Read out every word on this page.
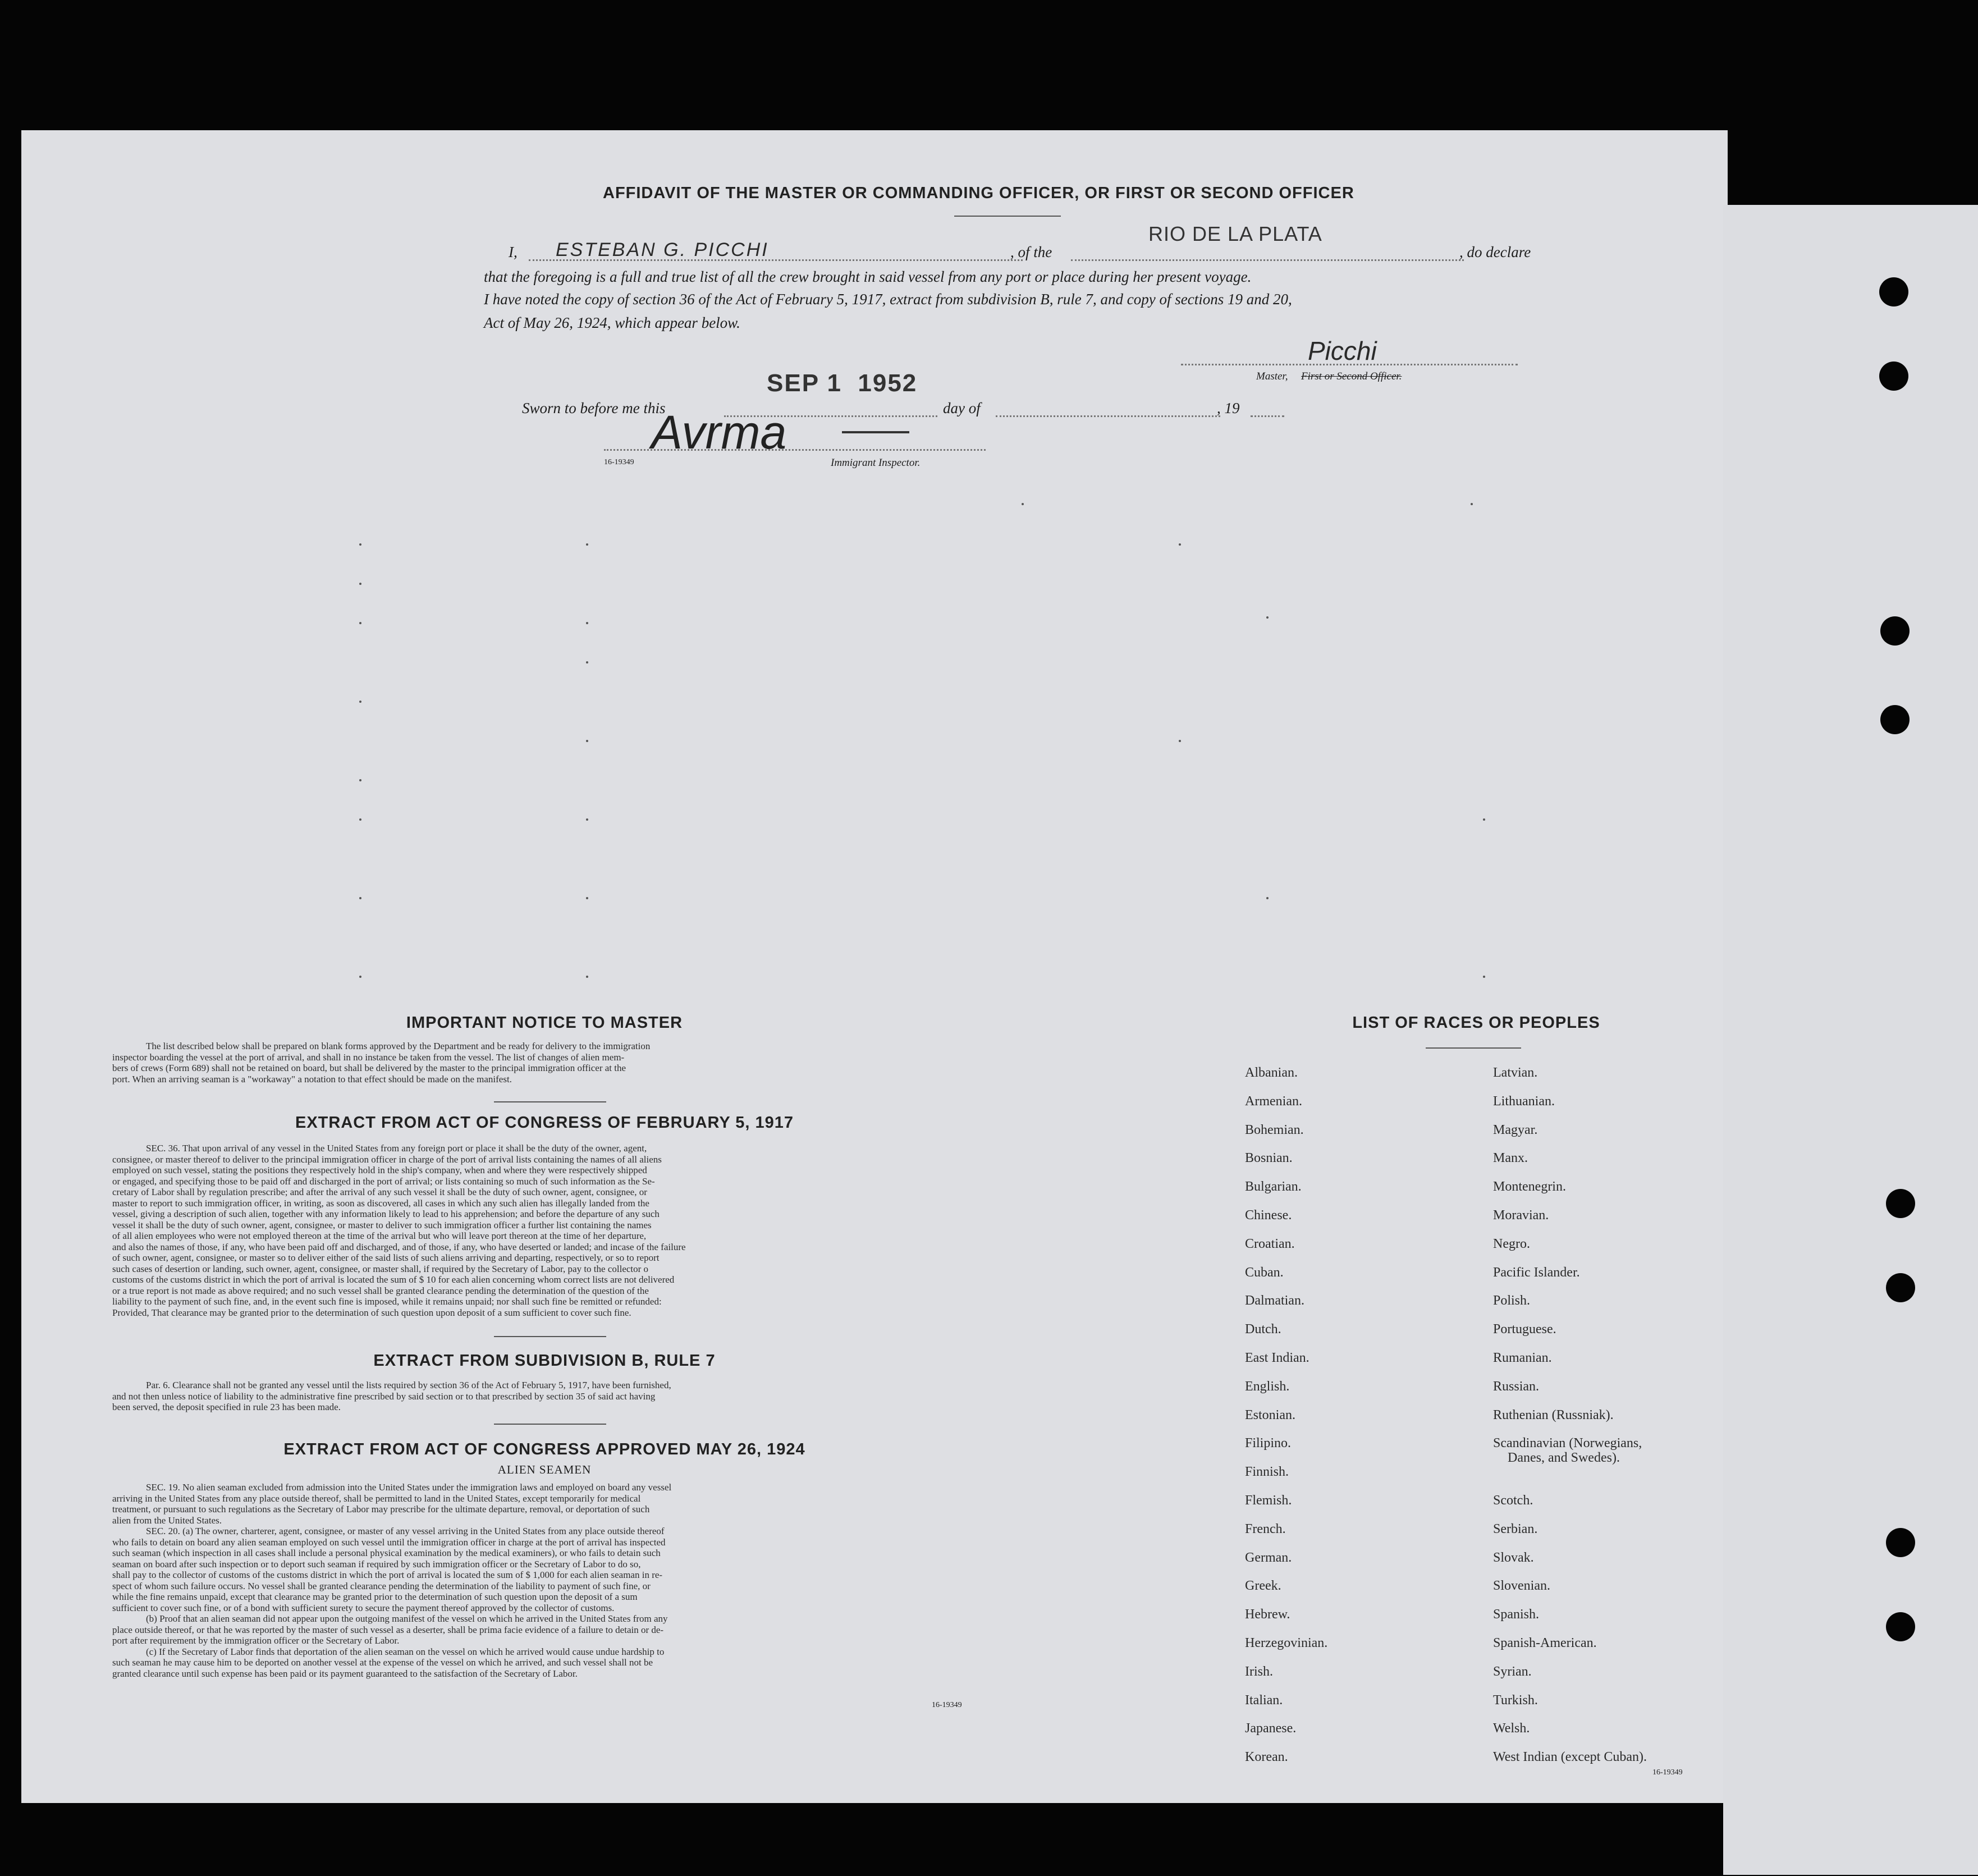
AFFIDAVIT OF THE MASTER OR COMMANDING OFFICER, OR FIRST OR SECOND OFFICER
I, ESTEBAN G. PICCHI	, of the
RIO DE LA PLATA
, do declare
that the foregoing is a full and true list of all the crew brought in said vessel from any port or place during her present voyage.
I have noted the copy of section 36 of the Act of February 5, 1917, extract from subdivision B, rule 7, and copy of sections 19 and 20,
Act of May 26, 1924, which appear below.
Picchi
Master, First or Second Officer.
Sworn to before me this
SEP 1  1952
day of	, 19
Avrma
16-19349	Immigrant Inspector.
IMPORTANT NOTICE TO MASTER
The list described below shall be prepared on blank forms approved by the Department and be ready for delivery to the immigration
inspector boarding the vessel at the port of arrival, and shall in no instance be taken from the vessel. The list of changes of alien mem-
bers of crews (Form 689) shall not be retained on board, but shall be delivered by the master to the principal immigration officer at the
port. When an arriving seaman is a "workaway" a notation to that effect should be made on the manifest.
EXTRACT FROM ACT OF CONGRESS OF FEBRUARY 5, 1917
SEC. 36. That upon arrival of any vessel in the United States from any foreign port or place it shall be the duty of the owner, agent,
consignee, or master thereof to deliver to the principal immigration officer in charge of the port of arrival lists containing the names of all aliens
employed on such vessel, stating the positions they respectively hold in the ship's company, when and where they were respectively shipped
or engaged, and specifying those to be paid off and discharged in the port of arrival; or lists containing so much of such information as the Se-
cretary of Labor shall by regulation prescribe; and after the arrival of any such vessel it shall be the duty of such owner, agent, consignee, or
master to report to such immigration officer, in writing, as soon as discovered, all cases in which any such alien has illegally landed from the
vessel, giving a description of such alien, together with any information likely to lead to his apprehension; and before the departure of any such
vessel it shall be the duty of such owner, agent, consignee, or master to deliver to such immigration officer a further list containing the names
of all alien employees who were not employed thereon at the time of the arrival but who will leave port thereon at the time of her departure,
and also the names of those, if any, who have been paid off and discharged, and of those, if any, who have deserted or landed; and incase of the failure
of such owner, agent, consignee, or master so to deliver either of the said lists of such aliens arriving and departing, respectively, or so to report
such cases of desertion or landing, such owner, agent, consignee, or master shall, if required by the Secretary of Labor, pay to the collector o
customs of the customs district in which the port of arrival is located the sum of $ 10 for each alien concerning whom correct lists are not delivered
or a true report is not made as above required; and no such vessel shall be granted clearance pending the determination of the question of the
liability to the payment of such fine, and, in the event such fine is imposed, while it remains unpaid; nor shall such fine be remitted or refunded:
Provided, That clearance may be granted prior to the determination of such question upon deposit of a sum sufficient to cover such fine.
EXTRACT FROM SUBDIVISION B, RULE 7
Par. 6. Clearance shall not be granted any vessel until the lists required by section 36 of the Act of February 5, 1917, have been furnished,
and not then unless notice of liability to the administrative fine prescribed by said section or to that prescribed by section 35 of said act having
been served, the deposit specified in rule 23 has been made.
EXTRACT FROM ACT OF CONGRESS APPROVED MAY 26, 1924
ALIEN SEAMEN
SEC. 19. No alien seaman excluded from admission into the United States under the immigration laws and employed on board any vessel
arriving in the United States from any place outside thereof, shall be permitted to land in the United States, except temporarily for medical
treatment, or pursuant to such regulations as the Secretary of Labor may prescribe for the ultimate departure, removal, or deportation of such
alien from the United States.
SEC. 20. (a) The owner, charterer, agent, consignee, or master of any vessel arriving in the United States from any place outside thereof
who fails to detain on board any alien seaman employed on such vessel until the immigration officer in charge at the port of arrival has inspected
such seaman (which inspection in all cases shall include a personal physical examination by the medical examiners), or who fails to detain such
seaman on board after such inspection or to deport such seaman if required by such immigration officer or the Secretary of Labor to do so,
shall pay to the collector of customs of the customs district in which the port of arrival is located the sum of $ 1,000 for each alien seaman in re-
spect of whom such failure occurs. No vessel shall be granted clearance pending the determination of the liability to payment of such fine, or
while the fine remains unpaid, except that clearance may be granted prior to the determination of such question upon the deposit of a sum
sufficient to cover such fine, or of a bond with sufficient surety to secure the payment thereof approved by the collector of customs.
(b) Proof that an alien seaman did not appear upon the outgoing manifest of the vessel on which he arrived in the United States from any
place outside thereof, or that he was reported by the master of such vessel as a deserter, shall be prima facie evidence of a failure to detain or de-
port after requirement by the immigration officer or the Secretary of Labor.
(c) If the Secretary of Labor finds that deportation of the alien seaman on the vessel on which he arrived would cause undue hardship to
such seaman he may cause him to be deported on another vessel at the expense of the vessel on which he arrived, and such vessel shall not be
granted clearance until such expense has been paid or its payment guaranteed to the satisfaction of the Secretary of Labor.
16-19349
LIST OF RACES OR PEOPLES
Albanian.
Armenian.
Bohemian.
Bosnian.
Bulgarian.
Chinese.
Croatian.
Cuban.
Dalmatian.
Dutch.
East Indian.
English.
Estonian.
Filipino.
Finnish.
Flemish.
French.
German.
Greek.
Hebrew.
Herzegovinian.
Irish.
Italian.
Japanese.
Korean.
Latvian.
Lithuanian.
Magyar.
Manx.
Montenegrin.
Moravian.
Negro.
Pacific Islander.
Polish.
Portuguese.
Rumanian.
Russian.
Ruthenian (Russniak).
Scandinavian (Norwegians,
Danes, and Swedes).
Scotch.
Serbian.
Slovak.
Slovenian.
Spanish.
Spanish-American.
Syrian.
Turkish.
Welsh.
West Indian (except Cuban).
16-19349
